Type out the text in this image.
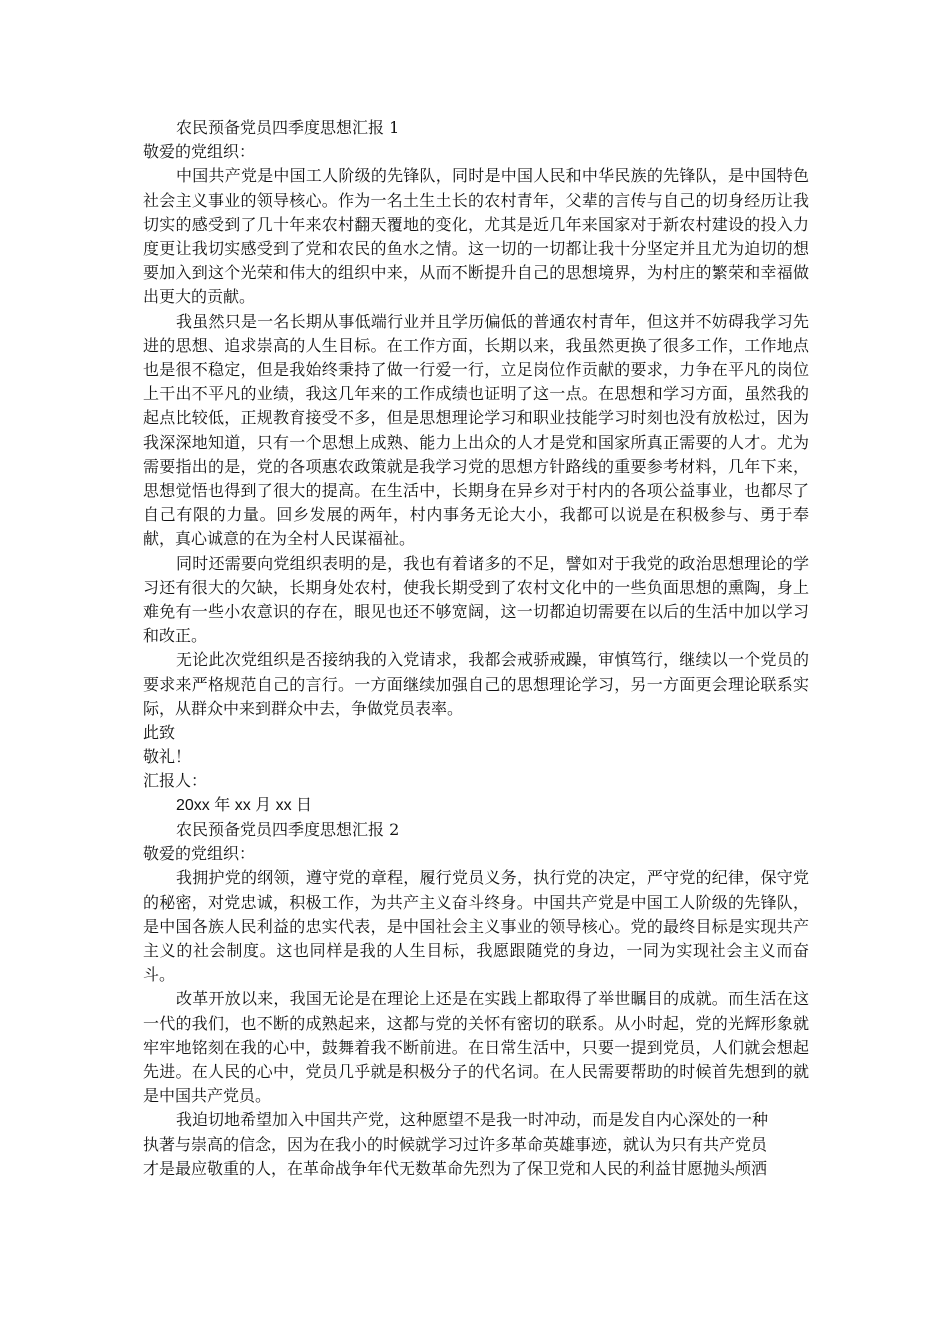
农民预备党员四季度思想汇报 1

敬爱的党组织：

中国共产党是中国工人阶级的先锋队，同时是中国人民和中华民族的先锋队，是中国特色社会主义事业的领导核心。作为一名土生土长的农村青年，父辈的言传与自己的切身经历让我切实的感受到了几十年来农村翻天覆地的变化，尤其是近几年来国家对于新农村建设的投入力度更让我切实感受到了党和农民的鱼水之情。这一切的一切都让我十分坚定并且尤为迫切的想要加入到这个光荣和伟大的组织中来，从而不断提升自己的思想境界，为村庄的繁荣和幸福做出更大的贡献。

我虽然只是一名长期从事低端行业并且学历偏低的普通农村青年，但这并不妨碍我学习先进的思想、追求崇高的人生目标。在工作方面，长期以来，我虽然更换了很多工作，工作地点也是很不稳定，但是我始终秉持了做一行爱一行，立足岗位作贡献的要求，力争在平凡的岗位上干出不平凡的业绩，我这几年来的工作成绩也证明了这一点。在思想和学习方面，虽然我的起点比较低，正规教育接受不多，但是思想理论学习和职业技能学习时刻也没有放松过，因为我深深地知道，只有一个思想上成熟、能力上出众的人才是党和国家所真正需要的人才。尤为需要指出的是，党的各项惠农政策就是我学习党的思想方针路线的重要参考材料，几年下来，思想觉悟也得到了很大的提高。在生活中，长期身在异乡对于村内的各项公益事业，也都尽了自己有限的力量。回乡发展的两年，村内事务无论大小，我都可以说是在积极参与、勇于奉献，真心诚意的在为全村人民谋福祉。

同时还需要向党组织表明的是，我也有着诸多的不足，譬如对于我党的政治思想理论的学习还有很大的欠缺，长期身处农村，使我长期受到了农村文化中的一些负面思想的熏陶，身上难免有一些小农意识的存在，眼见也还不够宽阔，这一切都迫切需要在以后的生活中加以学习和改正。

无论此次党组织是否接纳我的入党请求，我都会戒骄戒躁，审慎笃行，继续以一个党员的要求来严格规范自己的言行。一方面继续加强自己的思想理论学习，另一方面更会理论联系实际，从群众中来到群众中去，争做党员表率。

此致

敬礼！

汇报人：

20xx 年 xx 月 xx 日

农民预备党员四季度思想汇报 2

敬爱的党组织：

我拥护党的纲领，遵守党的章程，履行党员义务，执行党的决定，严守党的纪律，保守党的秘密，对党忠诚，积极工作，为共产主义奋斗终身。中国共产党是中国工人阶级的先锋队，是中国各族人民利益的忠实代表，是中国社会主义事业的领导核心。党的最终目标是实现共产主义的社会制度。这也同样是我的人生目标，我愿跟随党的身边，一同为实现社会主义而奋斗。

改革开放以来，我国无论是在理论上还是在实践上都取得了举世瞩目的成就。而生活在这一代的我们，也不断的成熟起来，这都与党的关怀有密切的联系。从小时起，党的光辉形象就牢牢地铭刻在我的心中，鼓舞着我不断前进。在日常生活中，只要一提到党员，人们就会想起先进。在人民的心中，党员几乎就是积极分子的代名词。在人民需要帮助的时候首先想到的就是中国共产党员。

我迫切地希望加入中国共产党，这种愿望不是我一时冲动，而是发自内心深处的一种

执著与崇高的信念，因为在我小的时候就学习过许多革命英雄事迹，就认为只有共产党员

才是最应敬重的人，在革命战争年代无数革命先烈为了保卫党和人民的利益甘愿抛头颅洒
